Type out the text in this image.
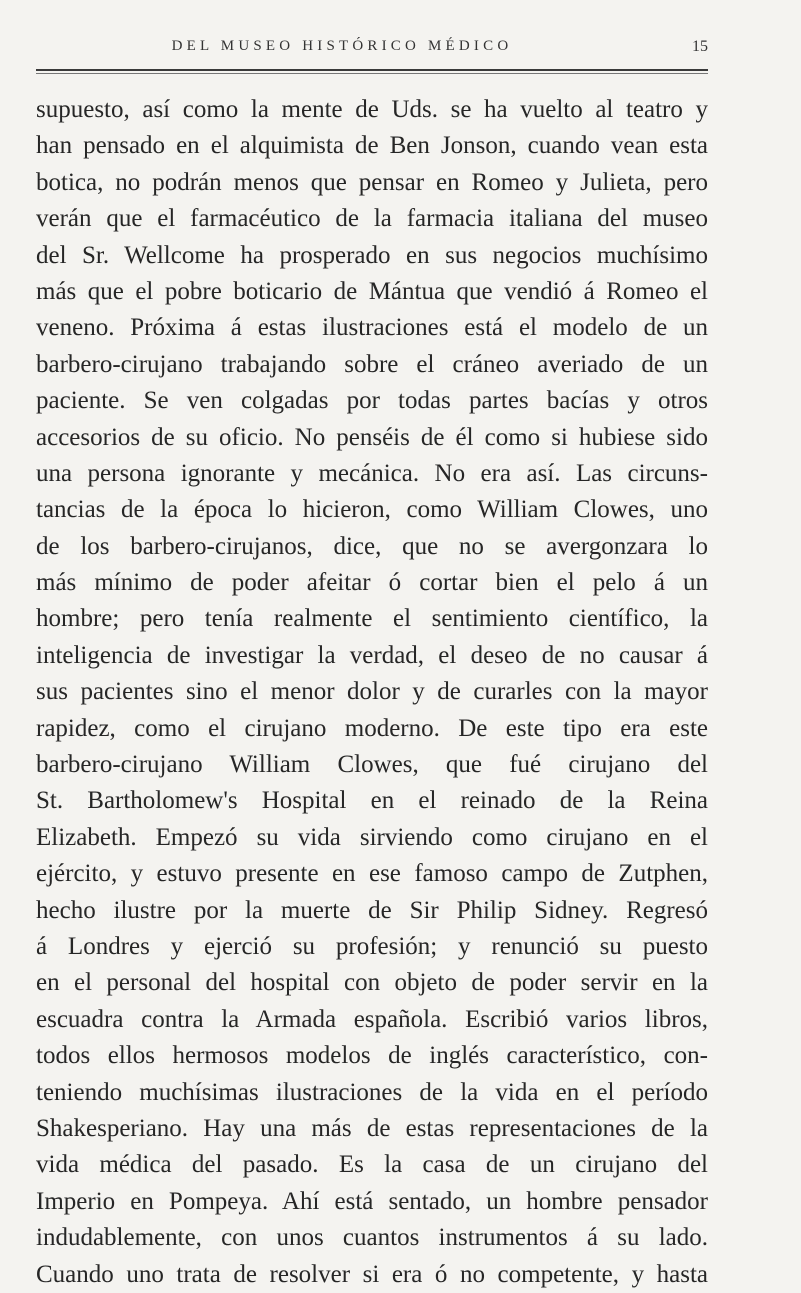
DEL MUSEO HISTÓRICO MÉDICO	15
supuesto, así como la mente de Uds. se ha vuelto al teatro y
han pensado en el alquimista de Ben Jonson, cuando vean esta
botica, no podrán menos que pensar en Romeo y Julieta, pero
verán que el farmacéutico de la farmacia italiana del museo
del Sr. Wellcome ha prosperado en sus negocios muchísimo
más que el pobre boticario de Mántua que vendió á Romeo el
veneno. Próxima á estas ilustraciones está el modelo de un
barbero-cirujano trabajando sobre el cráneo averiado de un
paciente. Se ven colgadas por todas partes bacías y otros
accesorios de su oficio. No penséis de él como si hubiese sido
una persona ignorante y mecánica. No era así. Las circuns-
tancias de la época lo hicieron, como William Clowes, uno
de los barbero-cirujanos, dice, que no se avergonzara lo
más mínimo de poder afeitar ó cortar bien el pelo á un
hombre; pero tenía realmente el sentimiento científico, la
inteligencia de investigar la verdad, el deseo de no causar á
sus pacientes sino el menor dolor y de curarles con la mayor
rapidez, como el cirujano moderno. De este tipo era este
barbero-cirujano William Clowes, que fué cirujano del
St. Bartholomew's Hospital en el reinado de la Reina
Elizabeth. Empezó su vida sirviendo como cirujano en el
ejército, y estuvo presente en ese famoso campo de Zutphen,
hecho ilustre por la muerte de Sir Philip Sidney. Regresó
á Londres y ejerció su profesión; y renunció su puesto
en el personal del hospital con objeto de poder servir en la
escuadra contra la Armada española. Escribió varios libros,
todos ellos hermosos modelos de inglés característico, con-
teniendo muchísimas ilustraciones de la vida en el período
Shakesperiano. Hay una más de estas representaciones de la
vida médica del pasado. Es la casa de un cirujano del
Imperio en Pompeya. Ahí está sentado, un hombre pensador
indudablemente, con unos cuantos instrumentos á su lado.
Cuando uno trata de resolver si era ó no competente, y hasta
